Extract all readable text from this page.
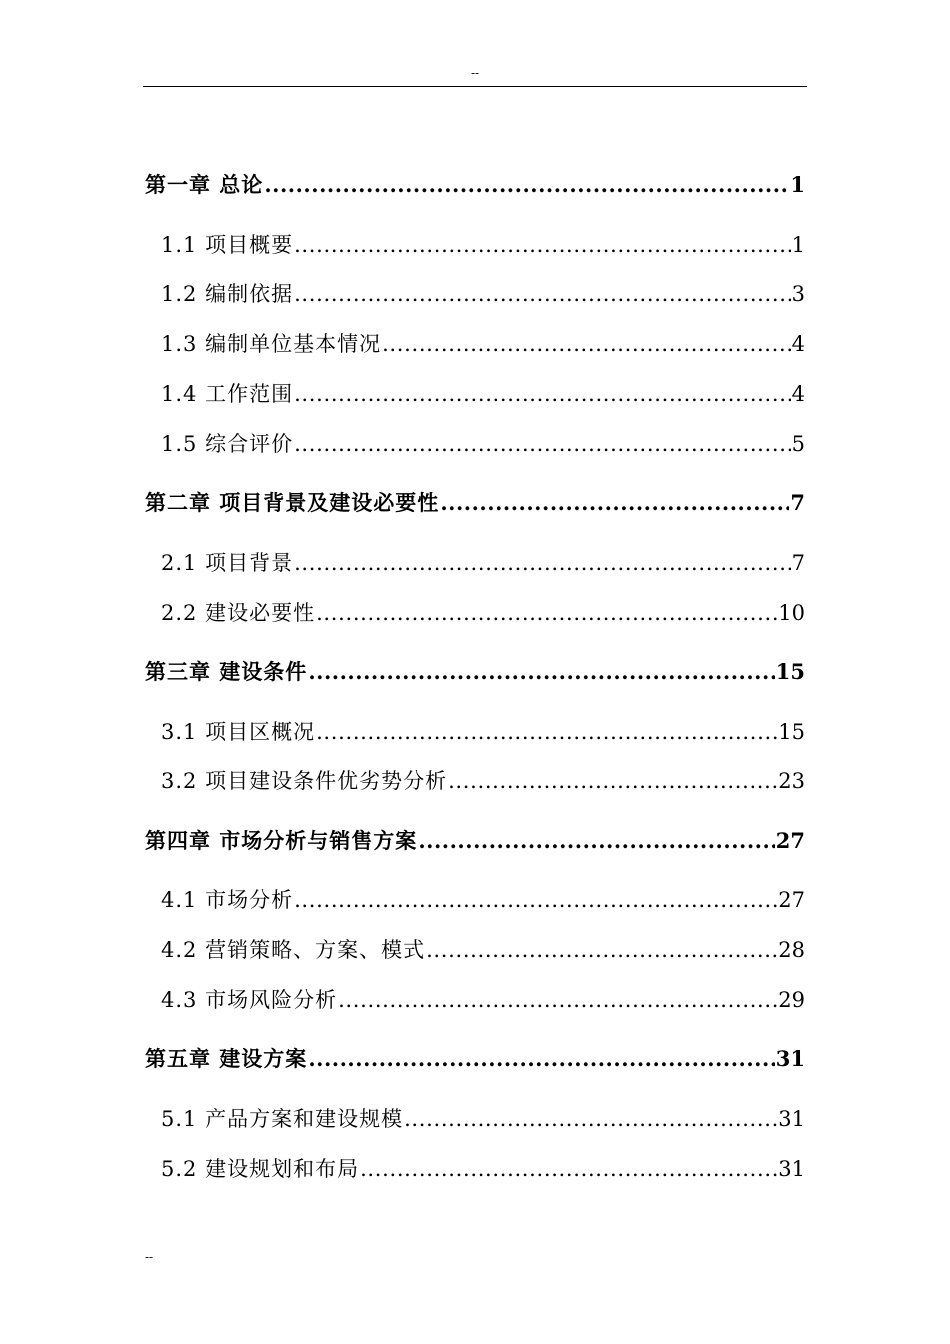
--
第一章 总论 . . .	1
1.1 项目概要 . . .	1
1.2 编制依据 . . .	3
1.3 编制单位基本情况 . . .	4
1.4 工作范围 . . .	4
1.5 综合评价 . . .	5
第二章 项目背景及建设必要性 . . .	7
2.1 项目背景 . . .	7
2.2 建设必要性 . . .	10
第三章 建设条件 . . .	15
3.1 项目区概况 . . .	15
3.2 项目建设条件优劣势分析 . . .	23
第四章 市场分析与销售方案 . . .	27
4.1 市场分析 . . .	27
4.2 营销策略、方案、模式 . . .	28
4.3 市场风险分析 . . .	29
第五章 建设方案 . . .	31
5.1 产品方案和建设规模 . . .	31
5.2 建设规划和布局 . . .	31
--
